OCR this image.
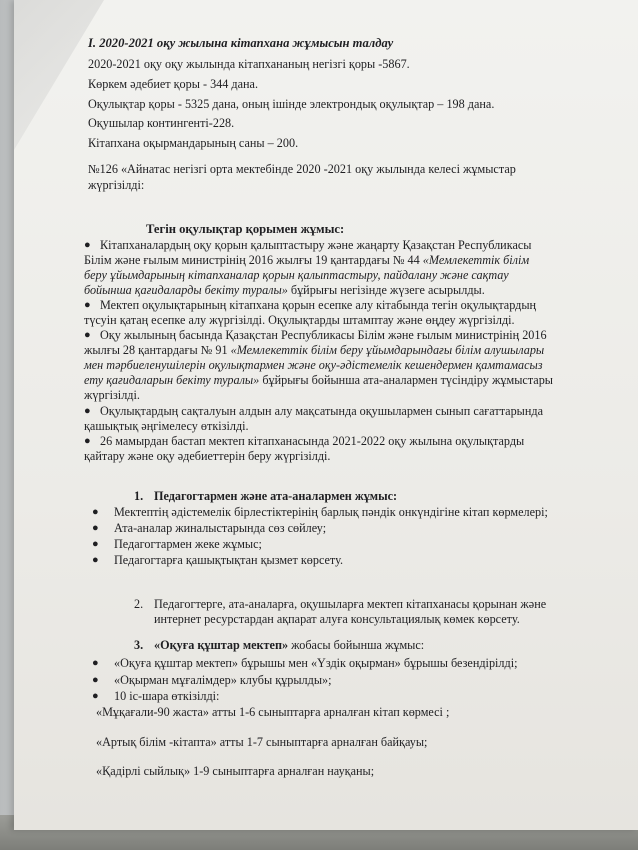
І. 2020-2021 оқу жылына кітапхана жұмысын талдау
2020-2021 оқу оқу жылында кітапхананың негізгі қоры -5867.
Көркем әдебиет қоры - 344 дана.
Оқулықтар қоры - 5325 дана, оның ішінде электрондық оқулықтар – 198 дана.
Оқушылар контингенті-228.
Кітапхана оқырмандарының саны – 200.
№126 «Айнатас негізгі орта мектебінде 2020 -2021 оқу жылында келесі жұмыстар
жүргізілді:
Тегін оқулықтар қорымен жұмыс:
● Кітапханалардың оқу қорын қалыптастыру және жаңарту Қазақстан Республикасы
Білім және ғылым министрінің 2016 жылғы 19 қантардағы № 44 «Мемлекеттік білім
беру ұйымдарының кітапханалар қорын қалыптастыру, пайдалану және сақтау
бойынша қағидаларды бекіту туралы» бұйрығы негізінде жүзеге асырылды.
● Мектеп оқулықтарының кітапхана қорын есепке алу кітабында тегін оқулықтардың
түсуін қатаң есепке алу жүргізілді. Оқулықтарды штамптау және өңдеу жүргізілді.
● Оқу жылының басында Қазақстан Республикасы Білім және ғылым министрінің 2016
жылғы 28 қантардағы № 91 «Мемлекеттік білім беру ұйымдарындағы білім алушылары
мен тәрбиеленушілерін оқулықтармен және оқу-әдістемелік кешендермен қамтамасыз
ету қағидаларын бекіту туралы» бұйрығы бойынша ата-аналармен түсіндіру жұмыстары
жүргізілді.
● Оқулықтардың сақталуын алдын алу мақсатында оқушылармен сынып сағаттарында
қашықтық әңгімелесу өткізілді.
● 26 мамырдан бастап мектеп кітапханасында 2021-2022 оқу жылына оқулықтарды
қайтару және оқу әдебиеттерін беру жүргізілді.
1. Педагогтармен және ата-аналармен жұмыс:
● Мектептің әдістемелік бірлестіктерінің барлық пәндік онкүндігіне кітап көрмелері;
● Ата-аналар жиналыстарында сөз сөйлеу;
● Педагогтармен жеке жұмыс;
● Педагогтарға қашықтықтан қызмет көрсету.
2. Педагогтерге, ата-аналарға, оқушыларға мектеп кітапханасы қорынан және
интернет ресурстардан ақпарат алуға консультациялық көмек көрсету.
3. «Оқуға құштар мектеп» жобасы бойынша жұмыс:
● «Оқуға құштар мектеп» бұрышы мен «Үздік оқырман» бұрышы безендірілді;
● «Оқырман мұғалімдер» клубы құрылды»;
● 10 іс-шара өткізілді:
«Мұқағали-90 жаста» атты 1-6 сыныптарға арналған кітап көрмесі ;
«Артық білім -кітапта» атты 1-7 сыныптарға арналған байқауы;
«Қадірлі сыйлық» 1-9 сыныптарға арналған науқаны;
